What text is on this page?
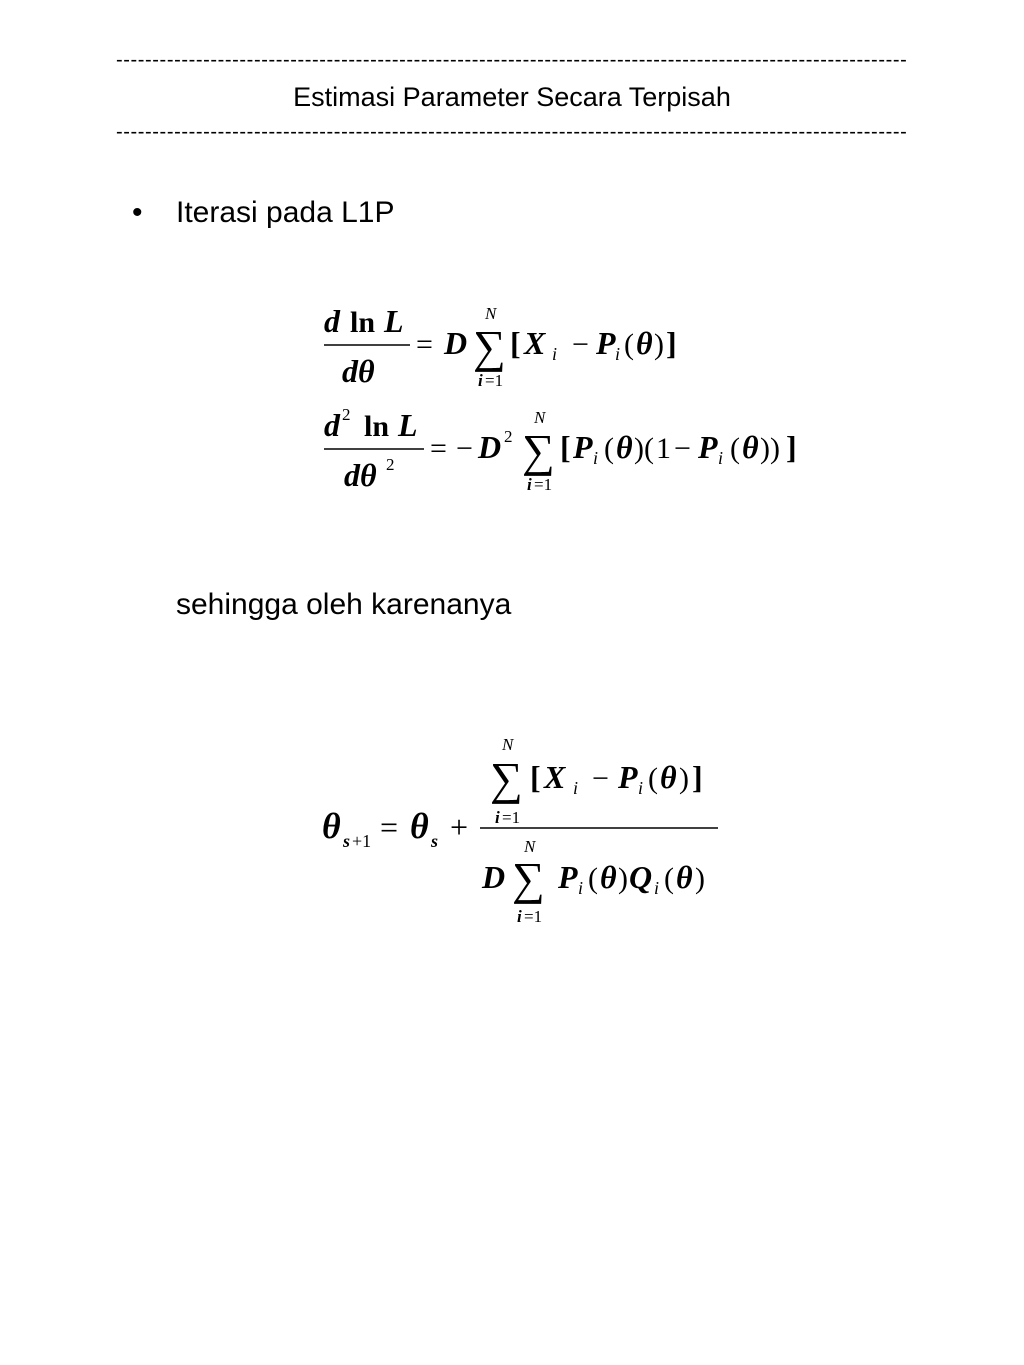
-------------------------------------------------------------------------------------------------------------
Estimasi Parameter Secara Terpisah
-------------------------------------------------------------------------------------------------------------
• Iterasi pada L1P
d ln L
dθ
= D
N
∑
i =1
[ X i − P i ( θ ) ]
d 2 ln L
dθ 2 = − D 2
N
∑
i =1
[ P i ( θ )( 1 − P i ( θ )) ]
sehingga oleh karenanya
θ s +1 = θ s +
N
∑
i =1
[ X i − P i ( θ ) ]
N
D ∑
i =1
P i ( θ ) Q i ( θ )
